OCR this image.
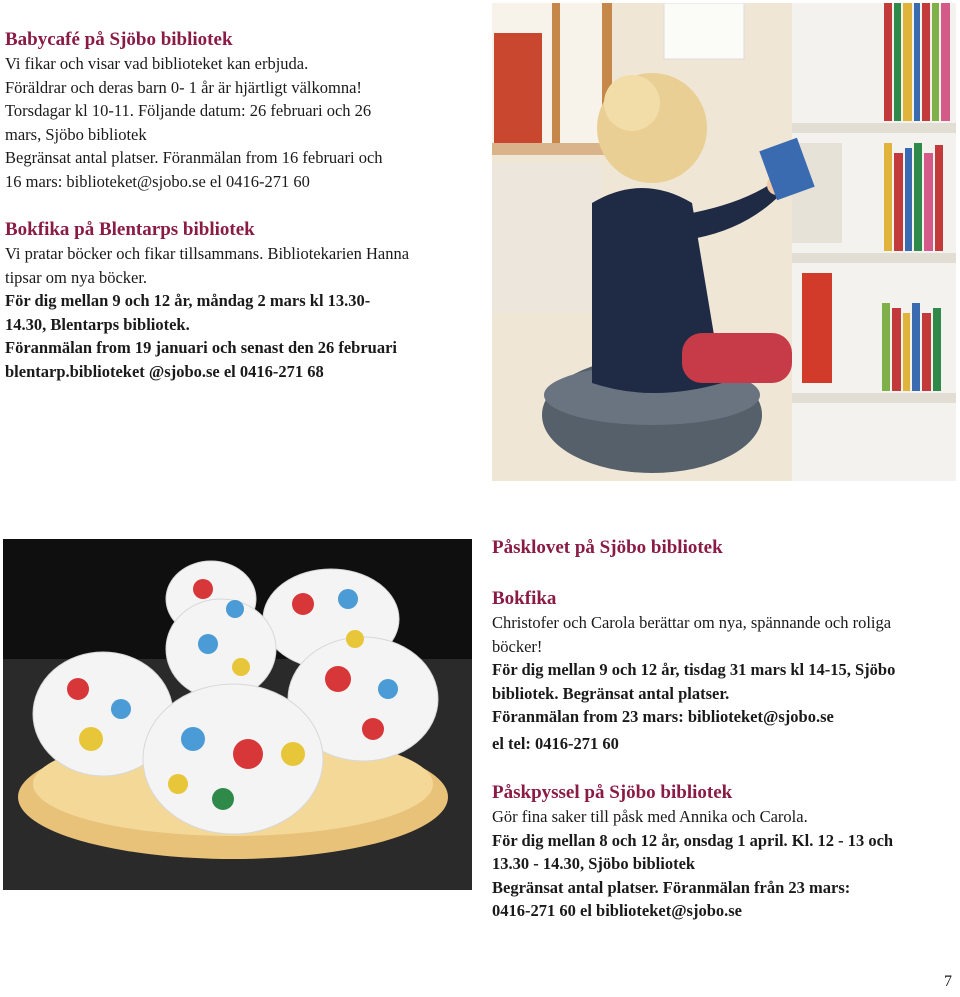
Babycafé på Sjöbo bibliotek
Vi fikar och visar vad biblioteket kan erbjuda.
Föräldrar och deras barn 0- 1 år är hjärtligt välkomna!
Torsdagar kl 10-11. Följande datum: 26 februari och 26
mars, Sjöbo bibliotek
Begränsat antal platser. Föranmälan from 16 februari och
16 mars: biblioteket@sjobo.se el 0416-271 60
Bokfika på Blentarps bibliotek
Vi pratar böcker och fikar tillsammans. Bibliotekarien Hanna
tipsar om nya böcker.
För dig mellan 9 och 12 år, måndag 2 mars kl 13.30-
14.30, Blentarps bibliotek.
Föranmälan from 19 januari och senast den 26 februari
blentarp.biblioteket @sjobo.se el 0416-271 68
Påsklovet på Sjöbo bibliotek
Bokfika
Christofer och Carola berättar om nya, spännande och roliga
böcker!
För dig mellan 9 och 12 år, tisdag 31 mars kl 14-15, Sjöbo
bibliotek. Begränsat antal platser.
Föranmälan from 23 mars: biblioteket@sjobo.se
el tel: 0416-271 60
Påskpyssel på Sjöbo bibliotek
Gör fina saker till påsk med Annika och Carola.
För dig mellan 8 och 12 år, onsdag 1 april. Kl. 12 - 13 och
13.30 - 14.30, Sjöbo bibliotek
Begränsat antal platser. Föranmälan från 23 mars:
0416-271 60 el biblioteket@sjobo.se
7
